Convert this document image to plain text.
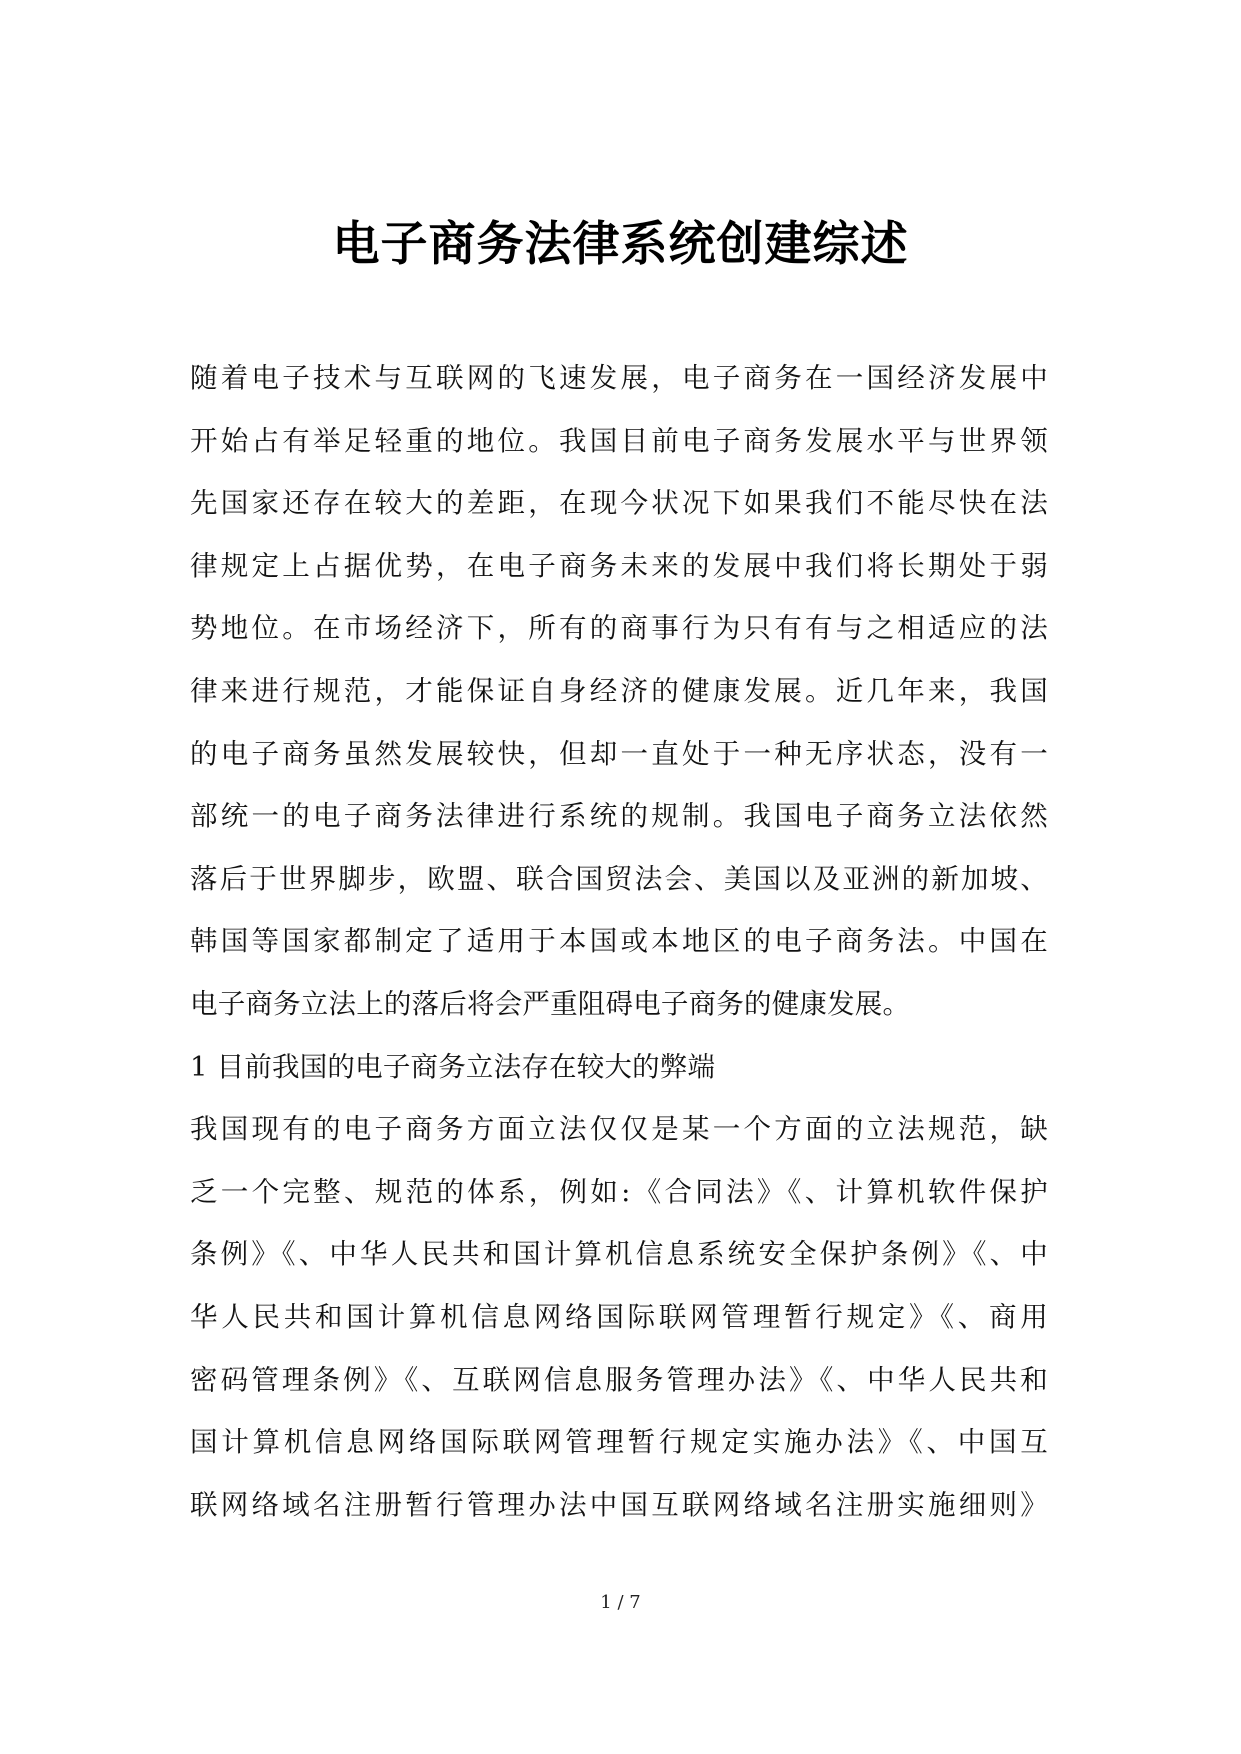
电子商务法律系统创建综述
随着电子技术与互联网的飞速发展，电子商务在一国经济发展中
开始占有举足轻重的地位。我国目前电子商务发展水平与世界领
先国家还存在较大的差距，在现今状况下如果我们不能尽快在法
律规定上占据优势，在电子商务未来的发展中我们将长期处于弱
势地位。在市场经济下，所有的商事行为只有有与之相适应的法
律来进行规范，才能保证自身经济的健康发展。近几年来，我国
的电子商务虽然发展较快，但却一直处于一种无序状态，没有一
部统一的电子商务法律进行系统的规制。我国电子商务立法依然
落后于世界脚步，欧盟、联合国贸法会、美国以及亚洲的新加坡、
韩国等国家都制定了适用于本国或本地区的电子商务法。中国在
电子商务立法上的落后将会严重阻碍电子商务的健康发展。
1 目前我国的电子商务立法存在较大的弊端
我国现有的电子商务方面立法仅仅是某一个方面的立法规范，缺
乏一个完整、规范的体系，例如:《合同法》《、计算机软件保护
条例》《、中华人民共和国计算机信息系统安全保护条例》《、中
华人民共和国计算机信息网络国际联网管理暂行规定》《、商用
密码管理条例》《、互联网信息服务管理办法》《、中华人民共和
国计算机信息网络国际联网管理暂行规定实施办法》《、中国互
联网络域名注册暂行管理办法中国互联网络域名注册实施细则》
1 / 7
